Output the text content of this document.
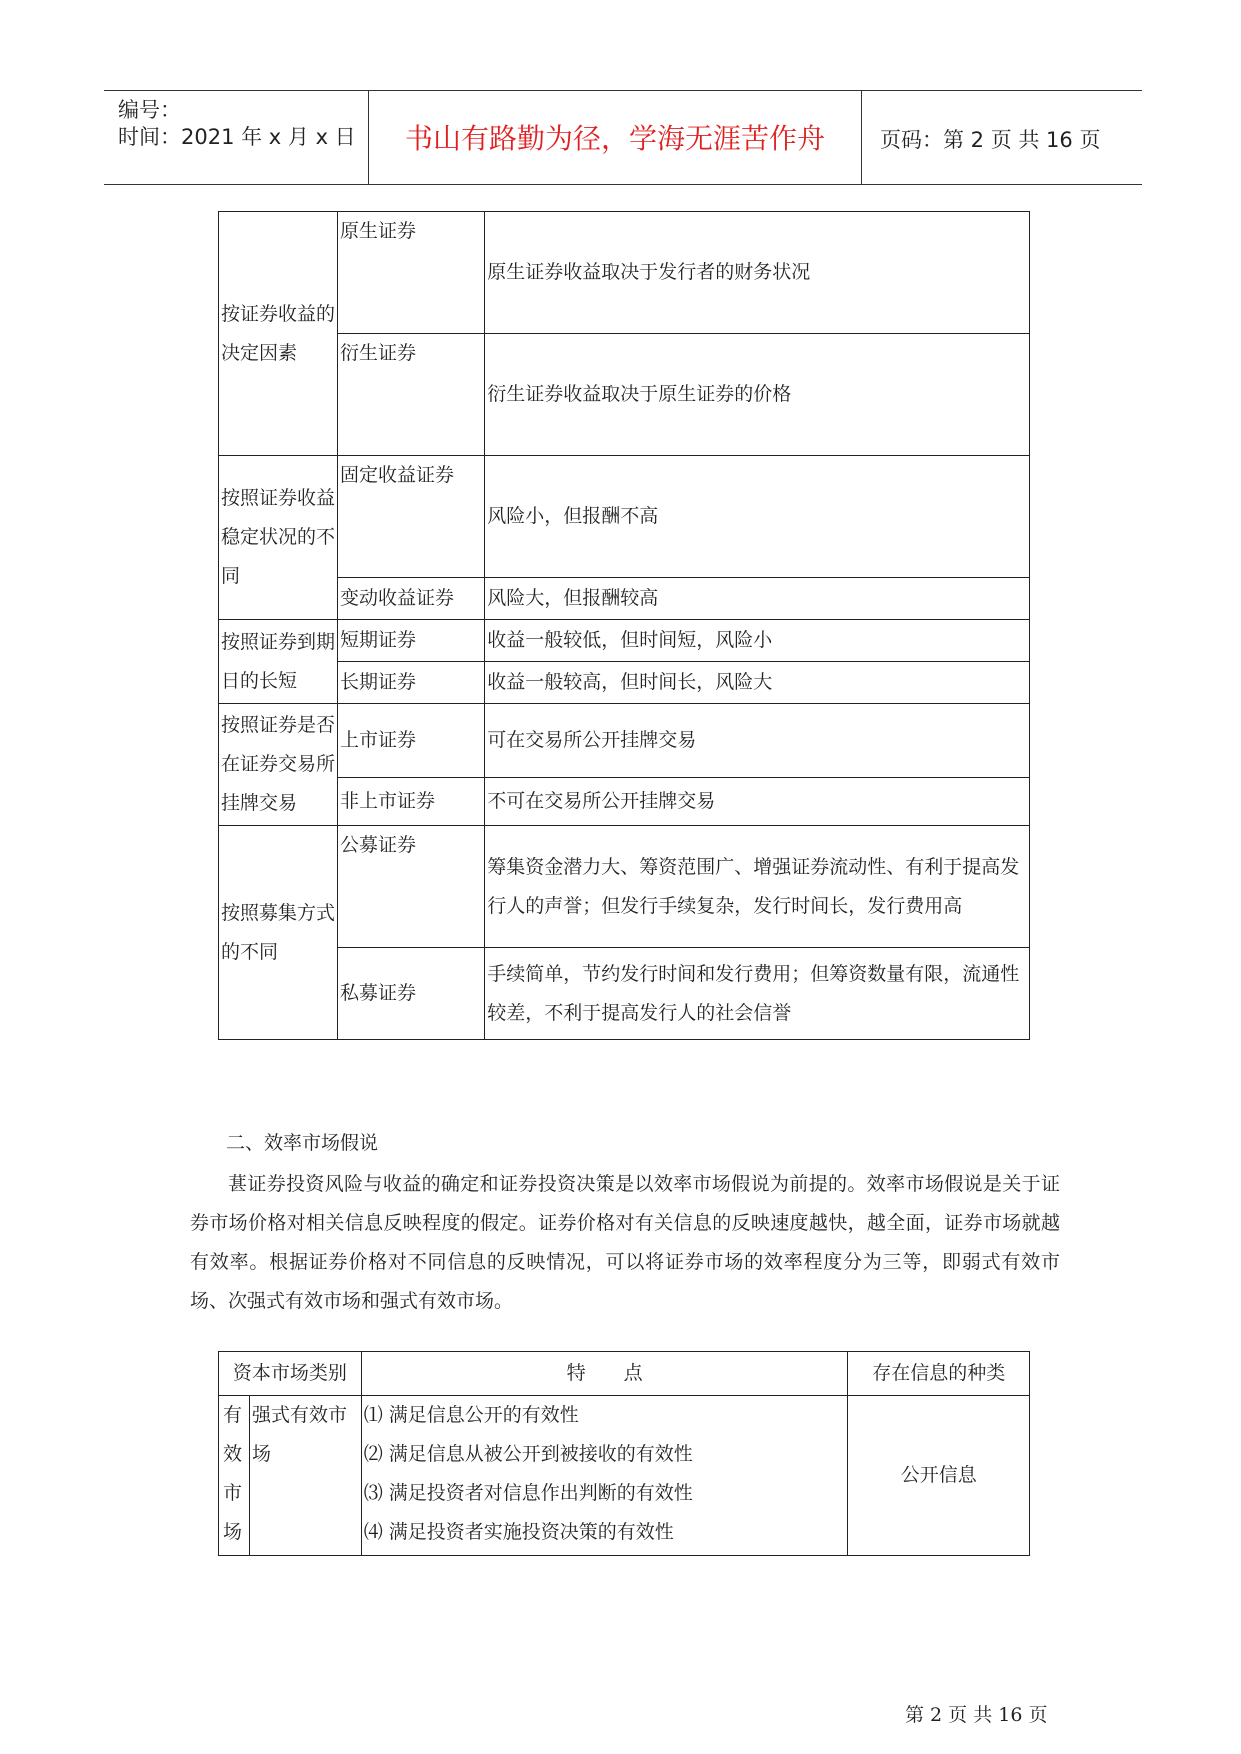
编号：
时间：2021 年 x 月 x 日	书山有路勤为径，学海无涯苦作舟	页码：第 2 页 共 16 页
按证券收益的决定因素	原生证券	原生证券收益取决于发行者的财务状况
	衍生证券	衍生证券收益取决于原生证券的价格
按照证券收益稳定状况的不同	固定收益证券	风险小，但报酬不高
	变动收益证券	风险大，但报酬较高
按照证券到期日的长短	短期证券	收益一般较低，但时间短，风险小
	长期证券	收益一般较高，但时间长，风险大
按照证券是否在证券交易所挂牌交易	上市证券	可在交易所公开挂牌交易
	非上市证券	不可在交易所公开挂牌交易
按照募集方式的不同	公募证券	筹集资金潜力大、筹资范围广、增强证券流动性、有利于提高发行人的声誉；但发行手续复杂，发行时间长，发行费用高
	私募证券	手续简单，节约发行时间和发行费用；但筹资数量有限，流通性较差，不利于提高发行人的社会信誉
二、效率市场假说
葚证券投资风险与收益的确定和证券投资决策是以效率市场假说为前提的。效率市场假说是关于证券市场价格对相关信息反映程度的假定。证券价格对有关信息的反映速度越快，越全面，证券市场就越有效率。根据证券价格对不同信息的反映情况，可以将证券市场的效率程度分为三等，即弱式有效市场、次强式有效市场和强式有效市场。
资本市场类别		特　　点	存在信息的种类
有效市场	强式有效市场	⑴ 满足信息公开的有效性
⑵ 满足信息从被公开到被接收的有效性
⑶ 满足投资者对信息作出判断的有效性
⑷ 满足投资者实施投资决策的有效性	公开信息
第 2 页 共 16 页
